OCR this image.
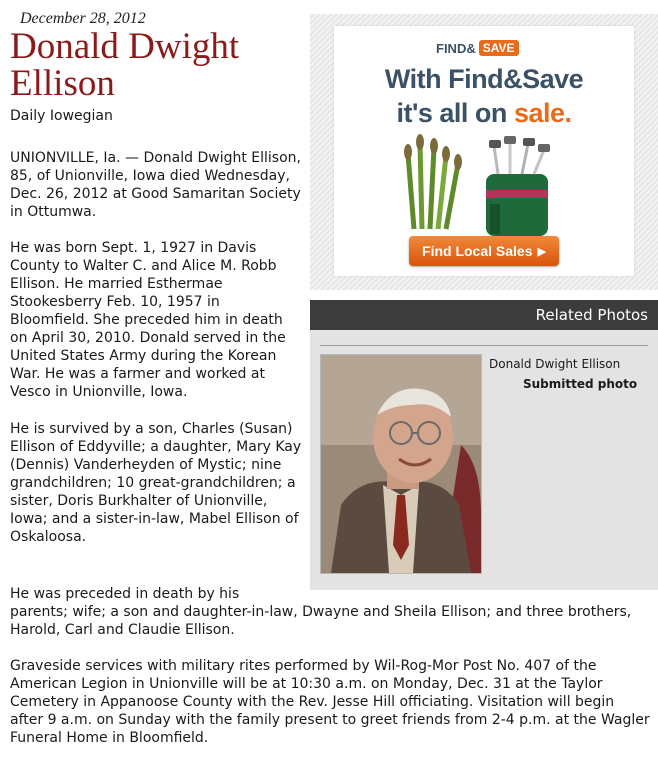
December 28, 2012
Donald Dwight
Ellison
Daily Iowegian

UNIONVILLE, Ia. — Donald Dwight Ellison, 85, of Unionville, Iowa died Wednesday, Dec. 26, 2012 at Good Samaritan Society in Ottumwa.

He was born Sept. 1, 1927 in Davis County to Walter C. and Alice M. Robb Ellison. He married Esthermae Stookesberry Feb. 10, 1957 in Bloomfield. She preceded him in death on April 30, 2010. Donald served in the United States Army during the Korean War. He was a farmer and worked at Vesco in Unionville, Iowa.

He is survived by a son, Charles (Susan) Ellison of Eddyville; a daughter, Mary Kay (Dennis) Vanderheyden of Mystic; nine grandchildren; 10 great-grandchildren; a sister, Doris Burkhalter of Unionville, Iowa; and a sister-in-law, Mabel Ellison of Oskaloosa.

He was preceded in death by his

parents; wife; a son and daughter-in-law, Dwayne and Sheila Ellison; and three brothers, Harold, Carl and Claudie Ellison.

Graveside services with military rites performed by Wil-Rog-Mor Post No. 407 of the American Legion in Unionville will be at 10:30 a.m. on Monday, Dec. 31 at the Taylor Cemetery in Appanoose County with the Rev. Jesse Hill officiating. Visitation will begin after 9 a.m. on Sunday with the family present to greet friends from 2-4 p.m. at the Wagler Funeral Home in Bloomfield.

FIND& SAVE
With Find&Save
it's all on sale.
Find Local Sales ▶
Related Photos
Donald Dwight Ellison
Submitted photo
